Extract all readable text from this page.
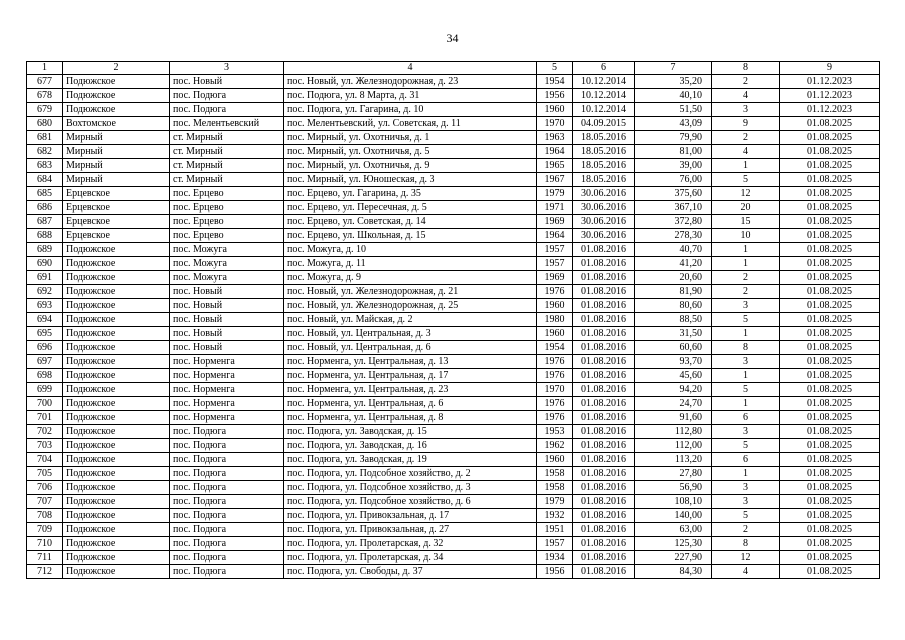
34
1	2	3	4	5	6	7	8	9
677	Подюжское	пос. Новый	пос. Новый, ул. Железнодорожная, д. 23	1954	10.12.2014	35,20	2	01.12.2023
678	Подюжское	пос. Подюга	пос. Подюга, ул. 8 Марта, д. 31	1956	10.12.2014	40,10	4	01.12.2023
679	Подюжское	пос. Подюга	пос. Подюга, ул. Гагарина, д. 10	1960	10.12.2014	51,50	3	01.12.2023
680	Вохтомское	пос. Мелентьевский	пос. Мелентьевский, ул. Советская, д. 11	1970	04.09.2015	43,09	9	01.08.2025
681	Мирный	ст. Мирный	пос. Мирный, ул. Охотничья, д. 1	1963	18.05.2016	79,90	2	01.08.2025
682	Мирный	ст. Мирный	пос. Мирный, ул. Охотничья, д. 5	1964	18.05.2016	81,00	4	01.08.2025
683	Мирный	ст. Мирный	пос. Мирный, ул. Охотничья, д. 9	1965	18.05.2016	39,00	1	01.08.2025
684	Мирный	ст. Мирный	пос. Мирный, ул. Юношеская, д. 3	1967	18.05.2016	76,00	5	01.08.2025
685	Ерцевское	пос. Ерцево	пос. Ерцево, ул. Гагарина, д. 35	1979	30.06.2016	375,60	12	01.08.2025
686	Ерцевское	пос. Ерцево	пос. Ерцево, ул. Пересечная, д. 5	1971	30.06.2016	367,10	20	01.08.2025
687	Ерцевское	пос. Ерцево	пос. Ерцево, ул. Советская, д. 14	1969	30.06.2016	372,80	15	01.08.2025
688	Ерцевское	пос. Ерцево	пос. Ерцево, ул. Школьная, д. 15	1964	30.06.2016	278,30	10	01.08.2025
689	Подюжское	пос. Можуга	пос. Можуга, д. 10	1957	01.08.2016	40,70	1	01.08.2025
690	Подюжское	пос. Можуга	пос. Можуга, д. 11	1957	01.08.2016	41,20	1	01.08.2025
691	Подюжское	пос. Можуга	пос. Можуга, д. 9	1969	01.08.2016	20,60	2	01.08.2025
692	Подюжское	пос. Новый	пос. Новый, ул. Железнодорожная, д. 21	1976	01.08.2016	81,90	2	01.08.2025
693	Подюжское	пос. Новый	пос. Новый, ул. Железнодорожная, д. 25	1960	01.08.2016	80,60	3	01.08.2025
694	Подюжское	пос. Новый	пос. Новый, ул. Майская, д. 2	1980	01.08.2016	88,50	5	01.08.2025
695	Подюжское	пос. Новый	пос. Новый, ул. Центральная, д. 3	1960	01.08.2016	31,50	1	01.08.2025
696	Подюжское	пос. Новый	пос. Новый, ул. Центральная, д. 6	1954	01.08.2016	60,60	8	01.08.2025
697	Подюжское	пос. Норменга	пос. Норменга, ул. Центральная, д. 13	1976	01.08.2016	93,70	3	01.08.2025
698	Подюжское	пос. Норменга	пос. Норменга, ул. Центральная, д. 17	1976	01.08.2016	45,60	1	01.08.2025
699	Подюжское	пос. Норменга	пос. Норменга, ул. Центральная, д. 23	1970	01.08.2016	94,20	5	01.08.2025
700	Подюжское	пос. Норменга	пос. Норменга, ул. Центральная, д. 6	1976	01.08.2016	24,70	1	01.08.2025
701	Подюжское	пос. Норменга	пос. Норменга, ул. Центральная, д. 8	1976	01.08.2016	91,60	6	01.08.2025
702	Подюжское	пос. Подюга	пос. Подюга, ул. Заводская, д. 15	1953	01.08.2016	112,80	3	01.08.2025
703	Подюжское	пос. Подюга	пос. Подюга, ул. Заводская, д. 16	1962	01.08.2016	112,00	5	01.08.2025
704	Подюжское	пос. Подюга	пос. Подюга, ул. Заводская, д. 19	1960	01.08.2016	113,20	6	01.08.2025
705	Подюжское	пос. Подюга	пос. Подюга, ул. Подсобное хозяйство, д. 2	1958	01.08.2016	27,80	1	01.08.2025
706	Подюжское	пос. Подюга	пос. Подюга, ул. Подсобное хозяйство, д. 3	1958	01.08.2016	56,90	3	01.08.2025
707	Подюжское	пос. Подюга	пос. Подюга, ул. Подсобное хозяйство, д. 6	1979	01.08.2016	108,10	3	01.08.2025
708	Подюжское	пос. Подюга	пос. Подюга, ул. Привокзальная, д. 17	1932	01.08.2016	140,00	5	01.08.2025
709	Подюжское	пос. Подюга	пос. Подюга, ул. Привокзальная, д. 27	1951	01.08.2016	63,00	2	01.08.2025
710	Подюжское	пос. Подюга	пос. Подюга, ул. Пролетарская, д. 32	1957	01.08.2016	125,30	8	01.08.2025
711	Подюжское	пос. Подюга	пос. Подюга, ул. Пролетарская, д. 34	1934	01.08.2016	227,90	12	01.08.2025
712	Подюжское	пос. Подюга	пос. Подюга, ул. Свободы, д. 37	1956	01.08.2016	84,30	4	01.08.2025
